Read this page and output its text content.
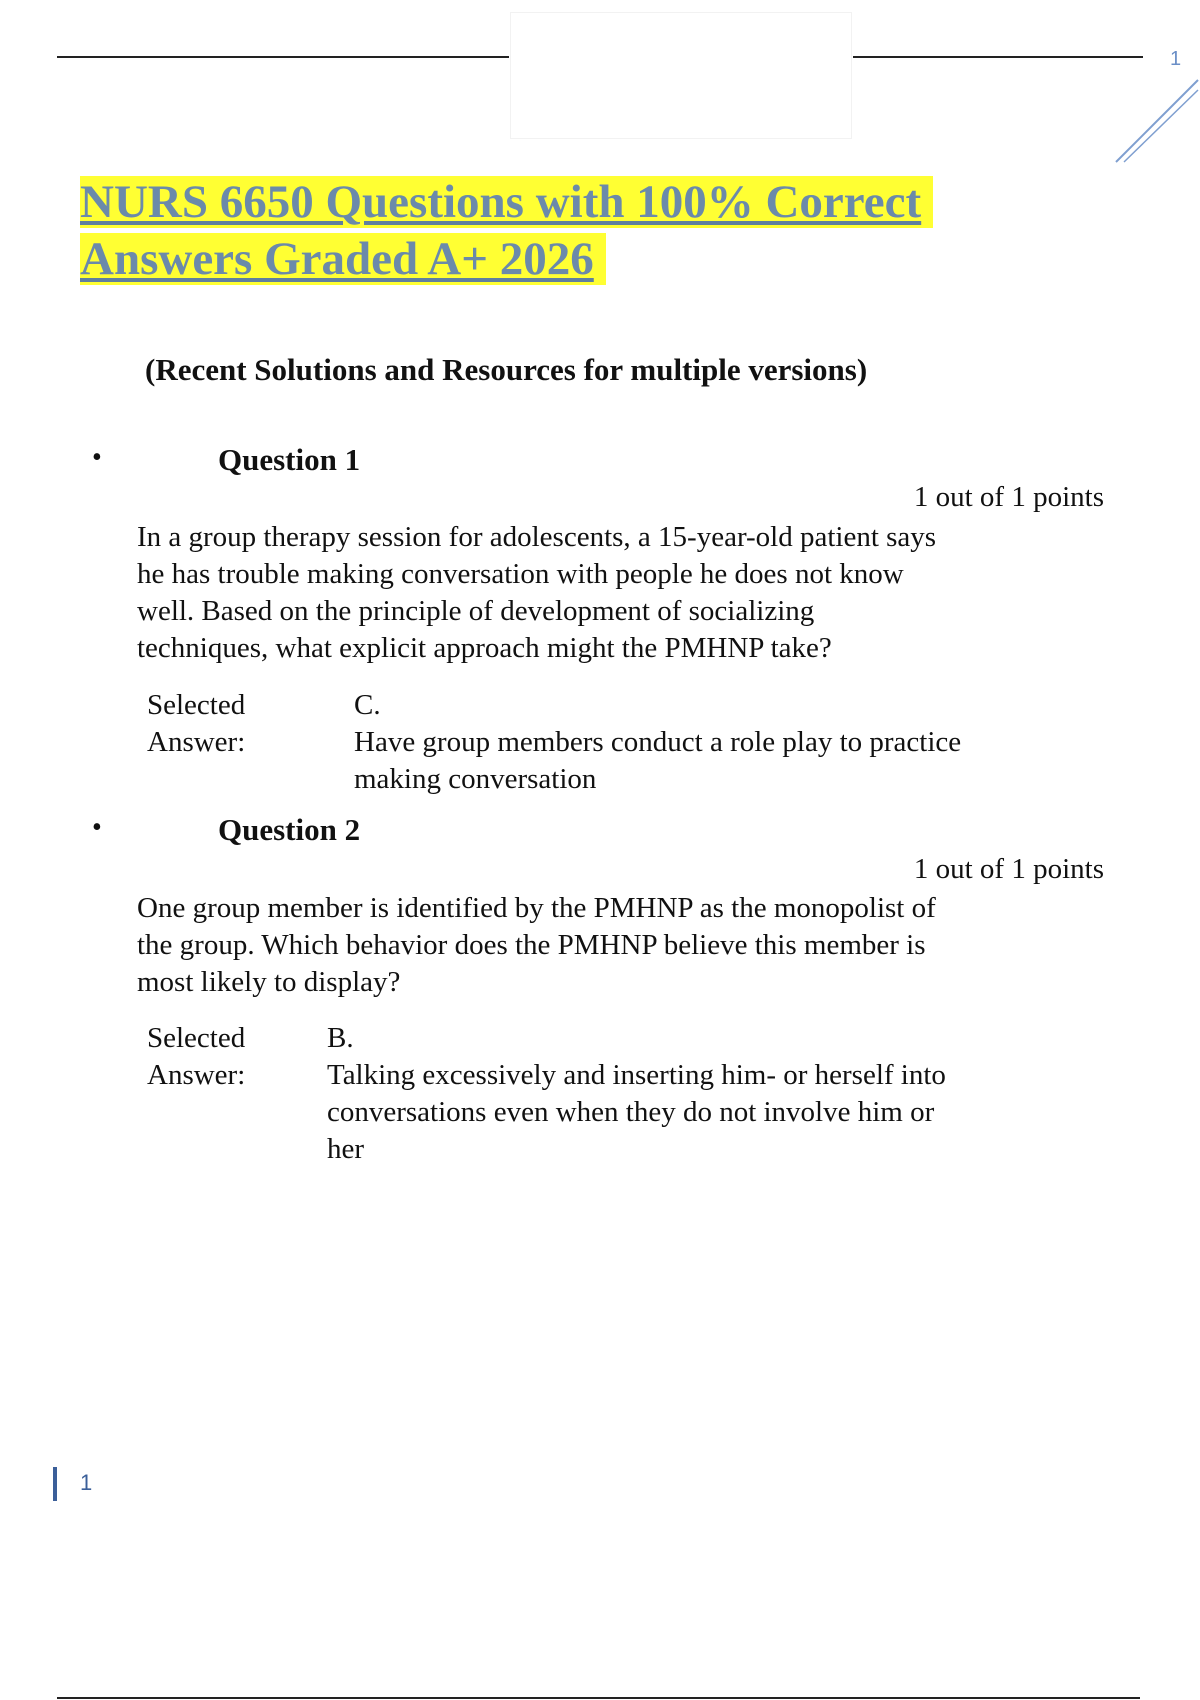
1
NURS 6650 Questions with 100% Correct
Answers Graded A+ 2026
(Recent Solutions and Resources for multiple versions)
•	Question 1
1 out of 1 points
In a group therapy session for adolescents, a 15-year-old patient says
he has trouble making conversation with people he does not know
well. Based on the principle of development of socializing
techniques, what explicit approach might the PMHNP take?
Selected
Answer:
C.
Have group members conduct a role play to practice
making conversation
•	Question 2
1 out of 1 points
One group member is identified by the PMHNP as the monopolist of
the group. Which behavior does the PMHNP believe this member is
most likely to display?
Selected
Answer:
B.
Talking excessively and inserting him- or herself into
conversations even when they do not involve him or
her
1
